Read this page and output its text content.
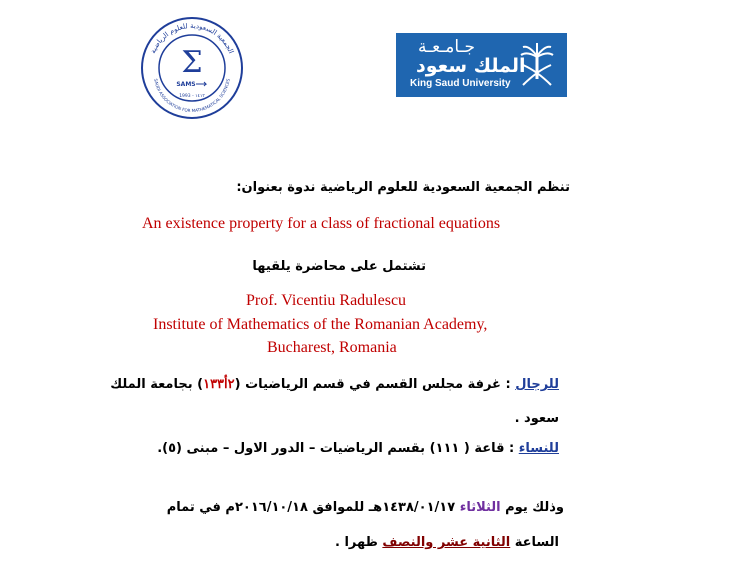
الجمعية السعودية للعلوم الرياضية
SAUDI ASSOCIATION FOR MATHEMATICAL SCIENCES
Σ
SAMS
1993 - ١٤١٣
جـامـعـة
الملك سعود
King Saud University
تنظم الجمعية السعودية للعلوم الرياضية ندوة بعنوان:
An existence property for a class of fractional equations
تشتمل على محاضرة يلقيها
Prof. Vicentiu Radulescu
Institute of Mathematics of the Romanian Academy,
Bucharest, Romania
للرجال : غرفة مجلس القسم في قسم الرياضيات (٢أ١٣٣) بجامعة الملك
سعود .
للنساء : قاعة ( ١١١) بقسم الرياضيات – الدور الاول – مبنى (٥).
وذلك يوم الثلاثاء ١٤٣٨/٠١/١٧هـ للموافق ٢٠١٦/١٠/١٨م في تمام
الساعة الثانية عشر والنصف ظهرا .
